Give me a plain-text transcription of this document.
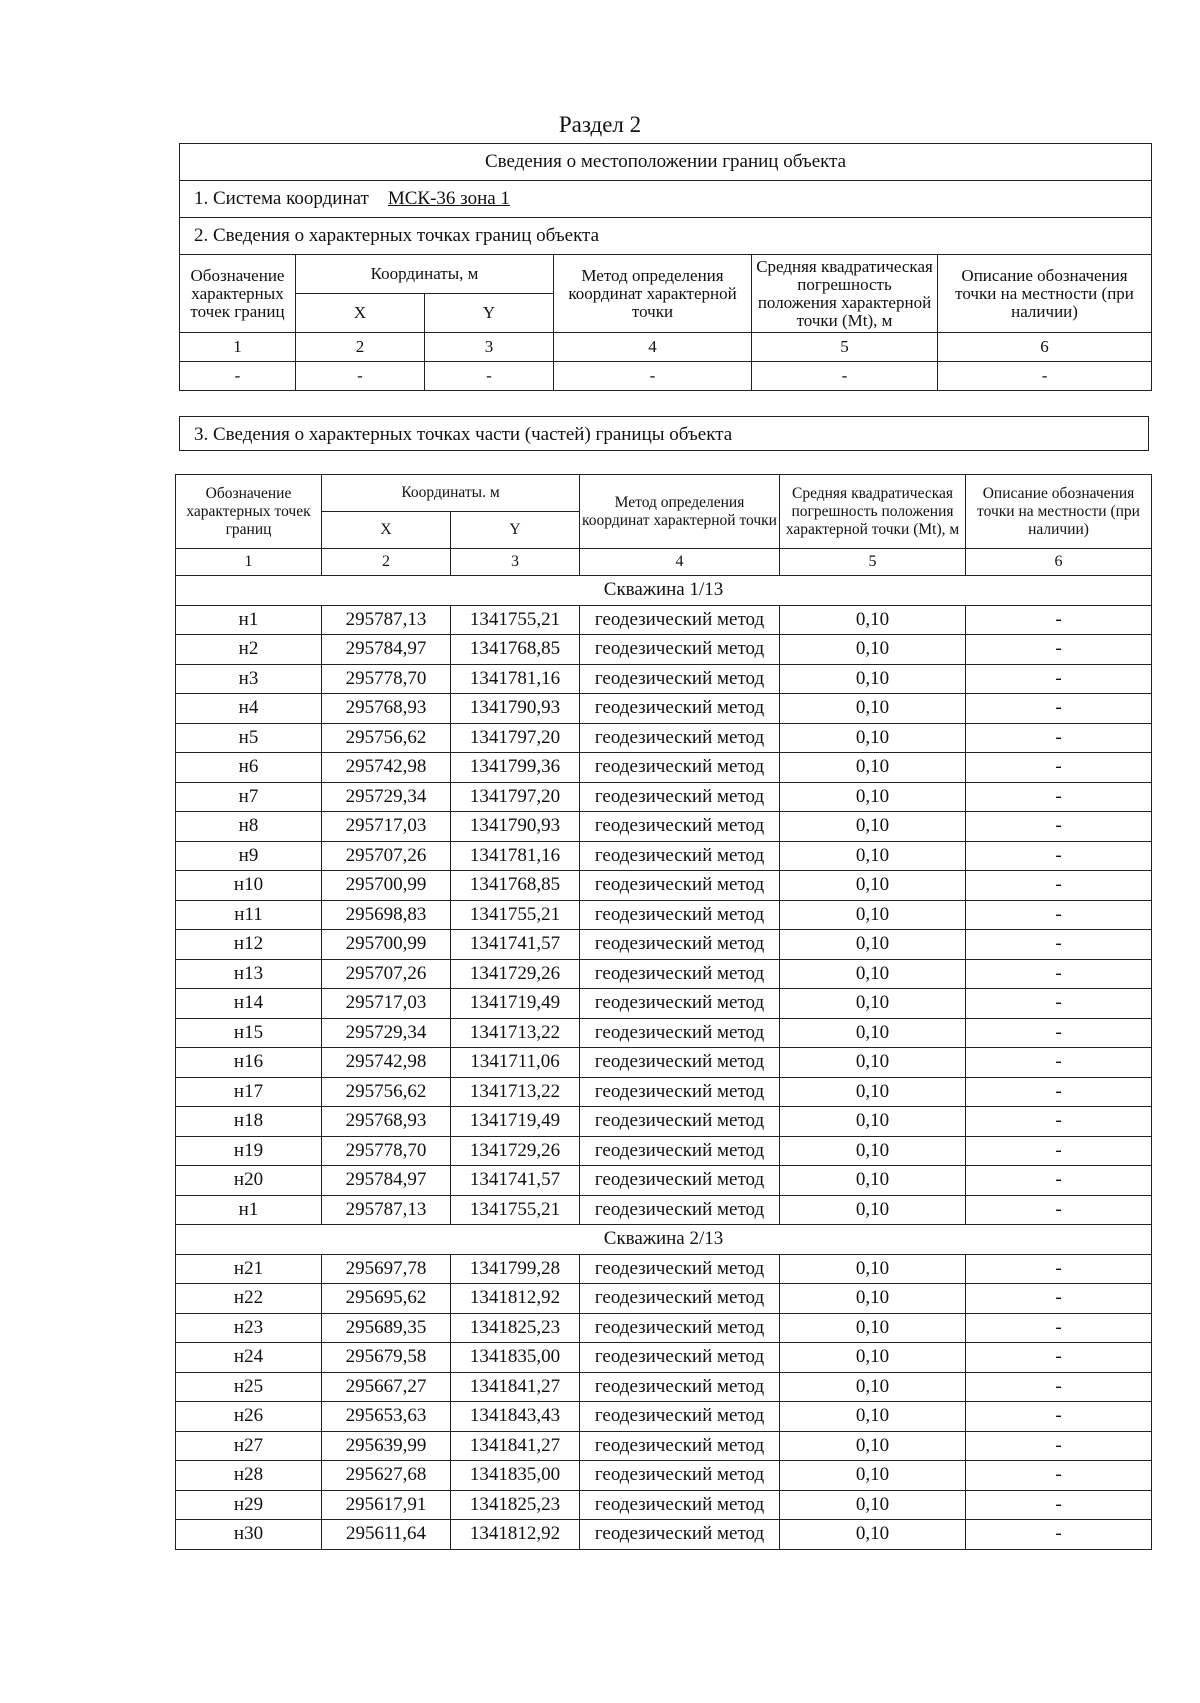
Раздел 2
Сведения о местоположении границ объекта					
1. Система координат МСК-36 зона 1					
2. Сведения о характерных точках границ объекта					
Обозначение характерных точек границ	Координаты, м		Метод определения координат характерной точки	Средняя квадратическая погрешность положения характерной точки (Mt), м	Описание обозначения точки на местности (при наличии)
	X	Y			
1	2	3	4	5	6
-	-	-	-	-	-
3. Сведения о характерных точках части (частей) границы объекта
Обозначение характерных точек границ	Координаты. м		Метод определения координат характерной точки	Средняя квадратическая погрешность положения характерной точки (Mt), м	Описание обозначения точки на местности (при наличии)
	X	Y			
1	2	3	4	5	6
Скважина 1/13					
н1	295787,13	1341755,21	геодезический метод	0,10	-
н2	295784,97	1341768,85	геодезический метод	0,10	-
н3	295778,70	1341781,16	геодезический метод	0,10	-
н4	295768,93	1341790,93	геодезический метод	0,10	-
н5	295756,62	1341797,20	геодезический метод	0,10	-
н6	295742,98	1341799,36	геодезический метод	0,10	-
н7	295729,34	1341797,20	геодезический метод	0,10	-
н8	295717,03	1341790,93	геодезический метод	0,10	-
н9	295707,26	1341781,16	геодезический метод	0,10	-
н10	295700,99	1341768,85	геодезический метод	0,10	-
н11	295698,83	1341755,21	геодезический метод	0,10	-
н12	295700,99	1341741,57	геодезический метод	0,10	-
н13	295707,26	1341729,26	геодезический метод	0,10	-
н14	295717,03	1341719,49	геодезический метод	0,10	-
н15	295729,34	1341713,22	геодезический метод	0,10	-
н16	295742,98	1341711,06	геодезический метод	0,10	-
н17	295756,62	1341713,22	геодезический метод	0,10	-
н18	295768,93	1341719,49	геодезический метод	0,10	-
н19	295778,70	1341729,26	геодезический метод	0,10	-
н20	295784,97	1341741,57	геодезический метод	0,10	-
н1	295787,13	1341755,21	геодезический метод	0,10	-
Скважина 2/13					
н21	295697,78	1341799,28	геодезический метод	0,10	-
н22	295695,62	1341812,92	геодезический метод	0,10	-
н23	295689,35	1341825,23	геодезический метод	0,10	-
н24	295679,58	1341835,00	геодезический метод	0,10	-
н25	295667,27	1341841,27	геодезический метод	0,10	-
н26	295653,63	1341843,43	геодезический метод	0,10	-
н27	295639,99	1341841,27	геодезический метод	0,10	-
н28	295627,68	1341835,00	геодезический метод	0,10	-
н29	295617,91	1341825,23	геодезический метод	0,10	-
н30	295611,64	1341812,92	геодезический метод	0,10	-
